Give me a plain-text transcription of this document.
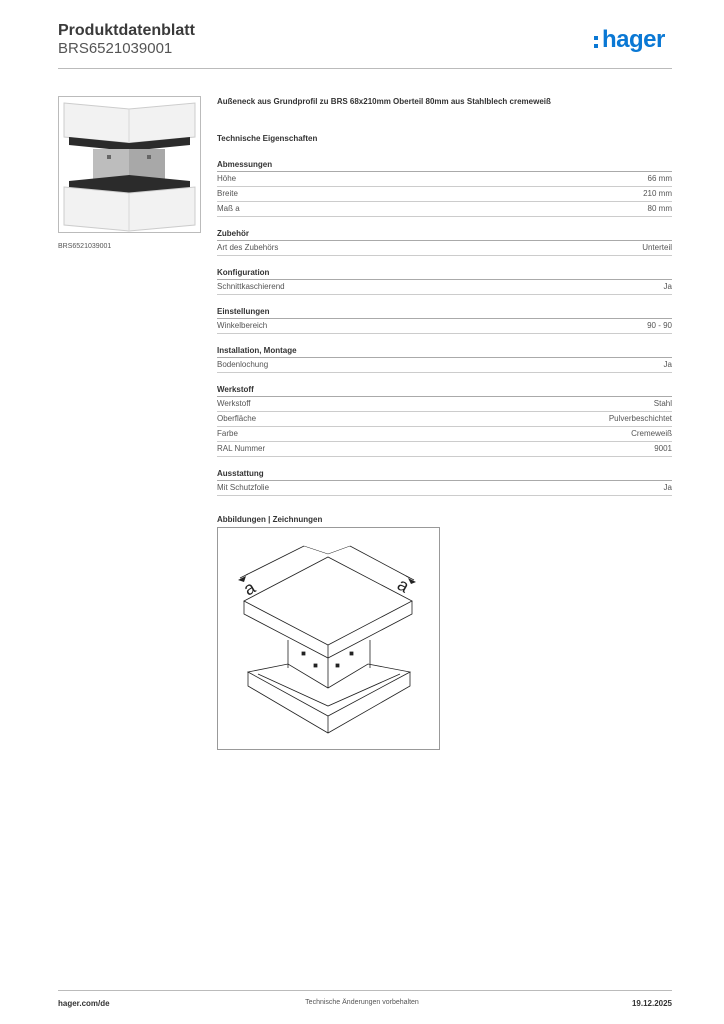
Produktdatenblatt
BRS6521039001	hager
BRS6521039001
Außeneck aus Grundprofil zu BRS 68x210mm Oberteil 80mm aus Stahlblech cremeweiß
Technische Eigenschaften
Abmessungen
Höhe	66 mm
Breite	210 mm
Maß a	80 mm
Zubehör
Art des Zubehörs	Unterteil
Konfiguration
Schnittkaschierend	Ja
Einstellungen
Winkelbereich	90 - 90
Installation, Montage
Bodenlochung	Ja
Werkstoff
Werkstoff	Stahl
Oberfläche	Pulverbeschichtet
Farbe	Cremeweiß
RAL Nummer	9001
Ausstattung
Mit Schutzfolie	Ja
Abbildungen | Zeichnungen
a	a
hager.com/de	Technische Änderungen vorbehalten	19.12.2025
